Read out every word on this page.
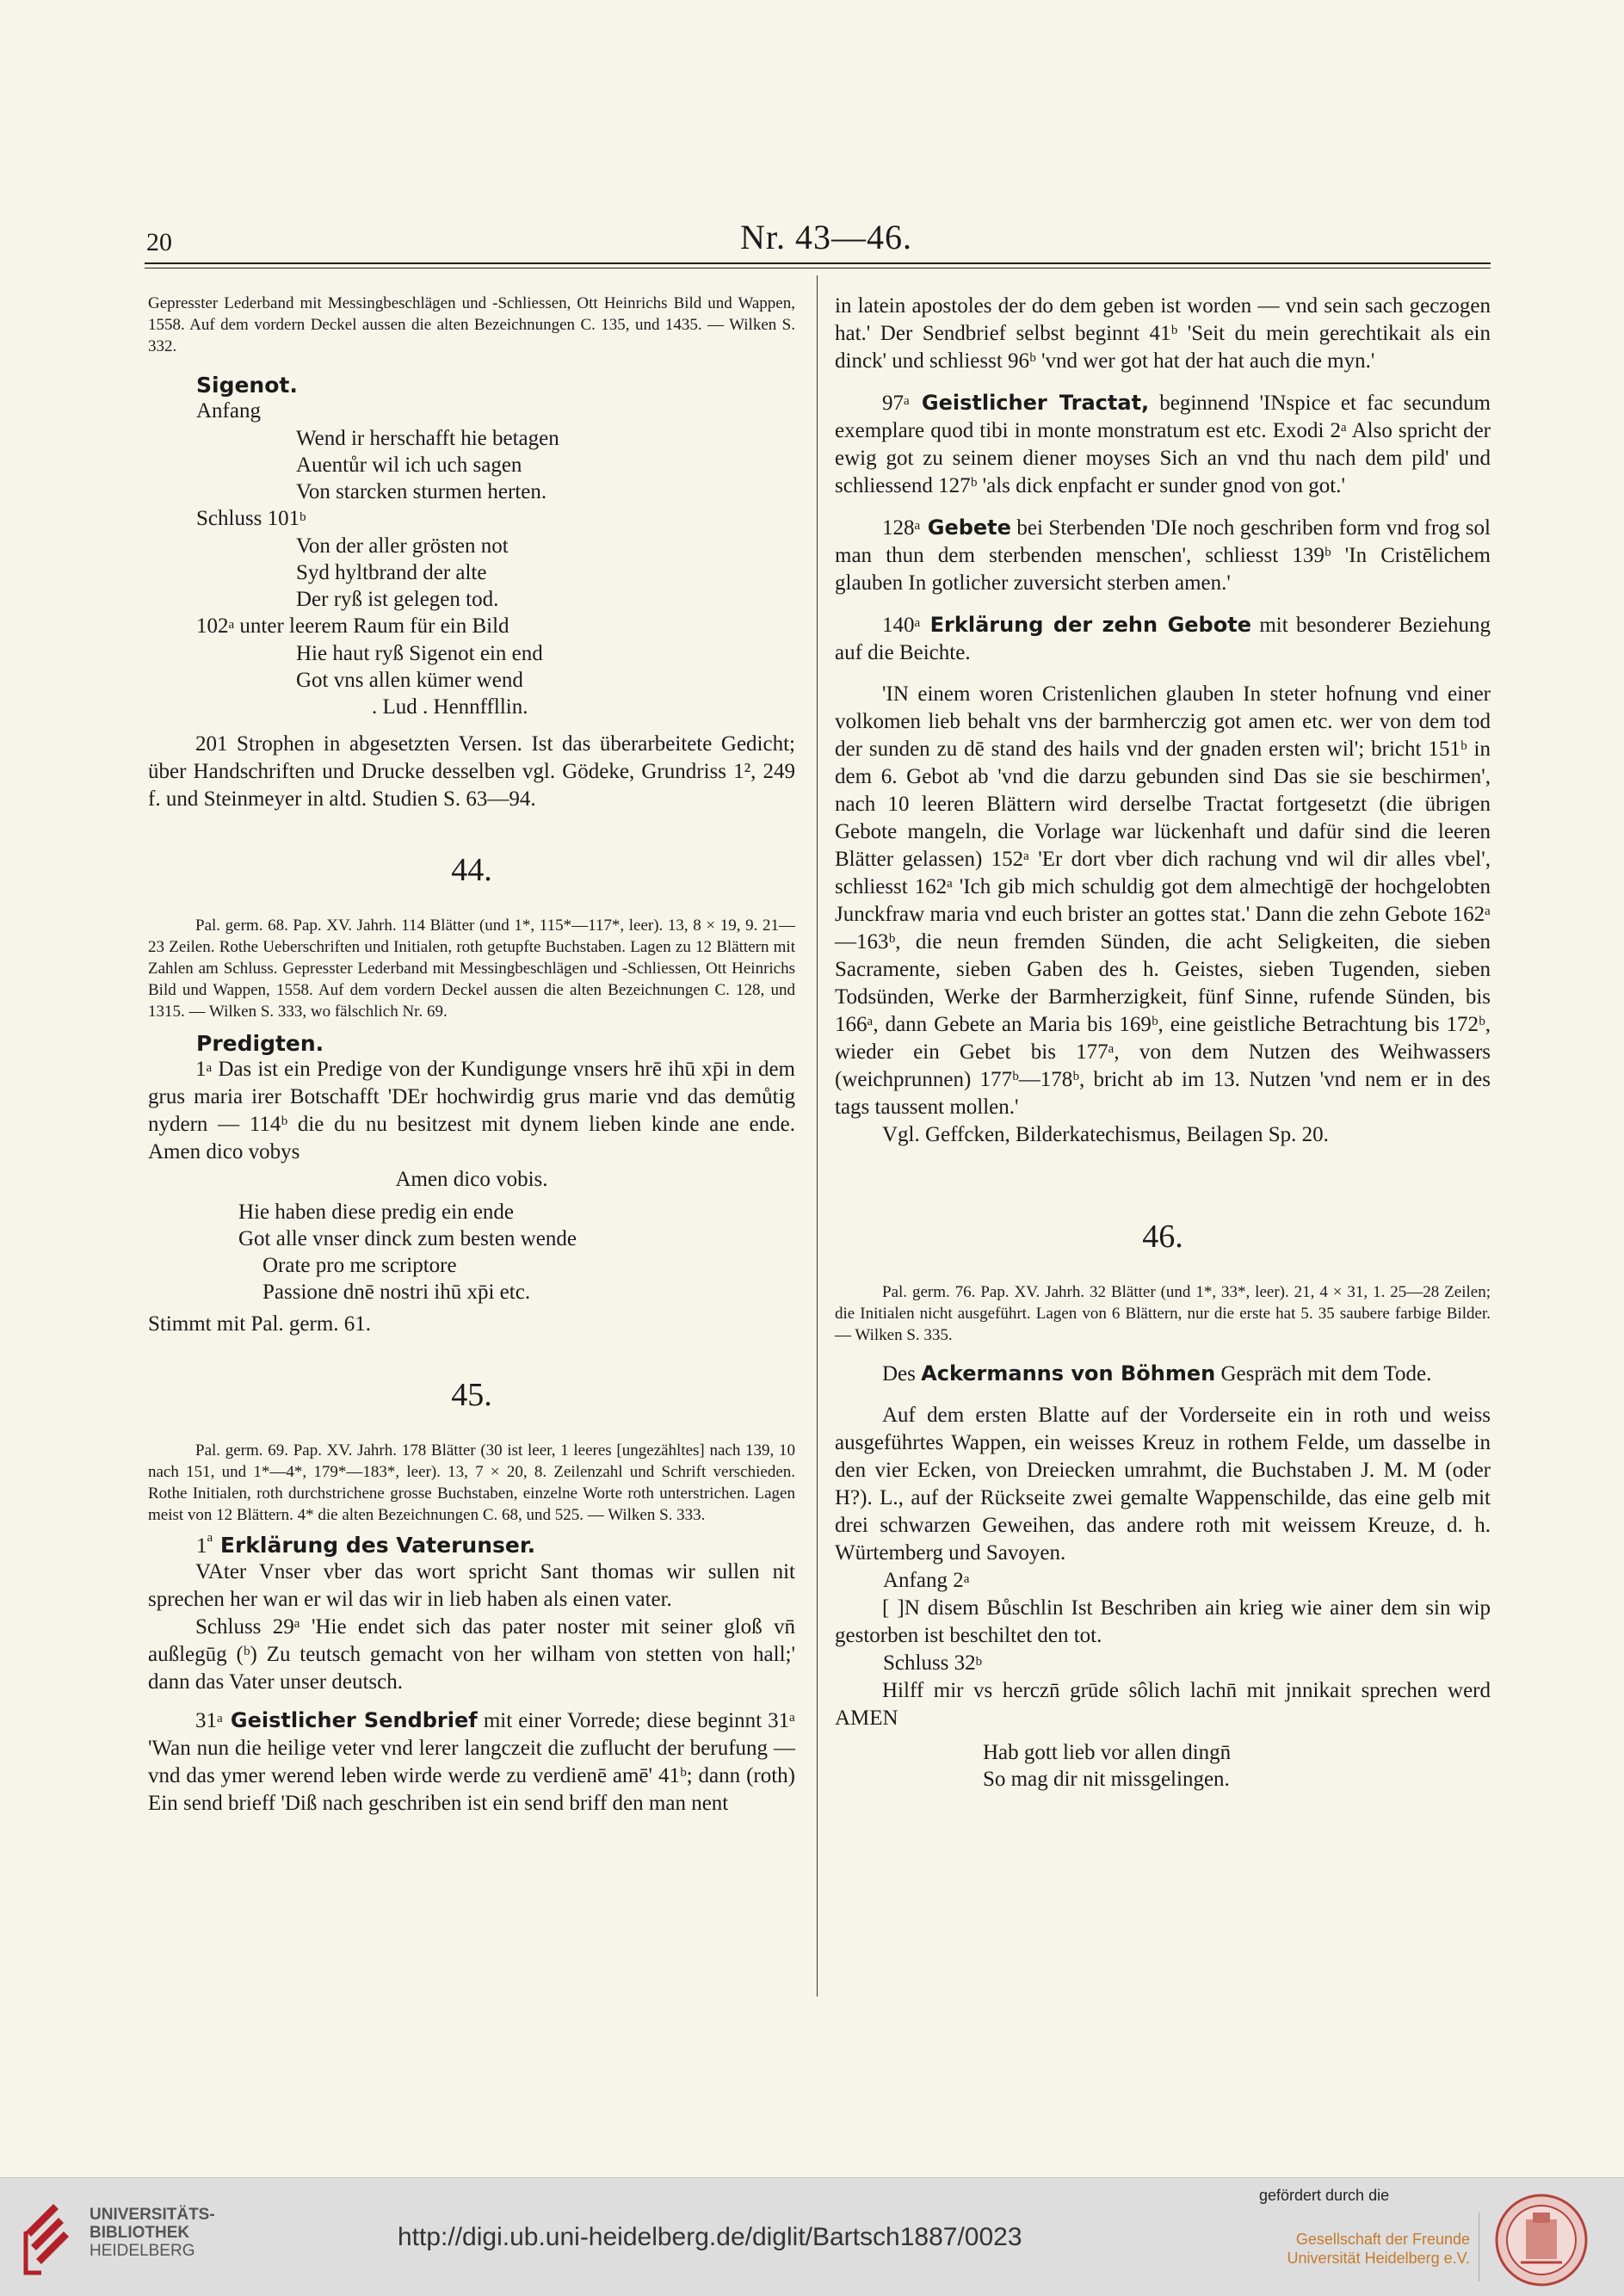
20	Nr. 43—46.

Gepresster Lederband mit Messingbeschlägen und -Schliessen, Ott Heinrichs Bild und Wappen, 1558. Auf dem vordern Deckel aussen die alten Bezeichnungen C. 135, und 1435. — Wilken S. 332.

Sigenot.
Anfang
Wend ir herschafft hie betagen
Auentůr wil ich uch sagen
Von starcken sturmen herten.
Schluss 101$^b$
Von der aller grösten not
Syd hyltbrand der alte
Der ryß ist gelegen tod.
102$^a$ unter leerem Raum für ein Bild
Hie haut ryß Sigenot ein end
Got vns allen kümer wend
. Lud . Hennffllin.

201 Strophen in abgesetzten Versen. Ist das überarbeitete Gedicht; über Handschriften und Drucke desselben vgl. Gödeke, Grundriss 1², 249 f. und Steinmeyer in altd. Studien S. 63—94.

44.

Pal. germ. 68. Pap. XV. Jahrh. 114 Blätter (und 1*, 115*—117*, leer). 13, 8 × 19, 9. 21—23 Zeilen. Rothe Ueberschriften und Initialen, roth getupfte Buchstaben. Lagen zu 12 Blättern mit Zahlen am Schluss. Gepresster Lederband mit Messingbeschlägen und -Schliessen, Ott Heinrichs Bild und Wappen, 1558. Auf dem vordern Deckel aussen die alten Bezeichnungen C. 128, und 1315. — Wilken S. 333, wo fälschlich Nr. 69.

Predigten.

1$^a$ Das ist ein Predige von der Kundigunge vnsers hrē ihū xp̄i in dem grus maria irer Botschafft 'DEr hochwirdig grus marie vnd das demůtig nydern — 114ᵇ die du nu besitzest mit dynem lieben kinde ane ende. Amen dico vobys

Amen dico vobis.
Hie haben diese predig ein ende
Got alle vnser dinck zum besten wende
Orate pro me scriptore
Passione dnē nostri ihū xp̄i etc.

Stimmt mit Pal. germ. 61.

45.

Pal. germ. 69. Pap. XV. Jahrh. 178 Blätter (30 ist leer, 1 leeres [ungezähltes] nach 139, 10 nach 151, und 1*—4*, 179*—183*, leer). 13, 7 × 20, 8. Zeilenzahl und Schrift verschieden. Rothe Initialen, roth durchstrichene grosse Buchstaben, einzelne Worte roth unterstrichen. Lagen meist von 12 Blättern. 4* die alten Bezeichnungen C. 68, und 525. — Wilken S. 333.

1$^a$ Erklärung des Vaterunser.

VAter Vnser vber das wort spricht Sant thomas wir sullen nit sprechen her wan er wil das wir in lieb haben als einen vater.

Schluss 29ᵃ 'Hie endet sich das pater noster mit seiner gloß vn̄ außlegūg (ᵇ) Zu teutsch gemacht von her wilham von stetten von hall;' dann das Vater unser deutsch.

31$^a$ Geistlicher Sendbrief mit einer Vorrede; diese beginnt 31ᵃ 'Wan nun die heilige veter vnd lerer langczeit die zuflucht der berufung — vnd das ymer werend leben wirde werde zu verdienē amē' 41ᵇ; dann (roth) Ein send brieff 'Diß nach geschriben ist ein send briff den man nent

in latein apostoles der do dem geben ist worden — vnd sein sach geczogen hat.' Der Sendbrief selbst beginnt 41ᵇ 'Seit du mein gerechtikait als ein dinck' und schliesst 96ᵇ 'vnd wer got hat der hat auch die myn.'

97$^a$ Geistlicher Tractat, beginnend 'INspice et fac secundum exemplare quod tibi in monte monstratum est etc. Exodi 2ᵃ Also spricht der ewig got zu seinem diener moyses Sich an vnd thu nach dem pild' und schliessend 127ᵇ 'als dick enpfacht er sunder gnod von got.'

128$^a$ Gebete bei Sterbenden 'DIe noch geschriben form vnd frog sol man thun dem sterbenden menschen', schliesst 139ᵇ 'In Cristēlichem glauben In gotlicher zuversicht sterben amen.'

140$^a$ Erklärung der zehn Gebote mit besonderer Beziehung auf die Beichte.

'IN einem woren Cristenlichen glauben In steter hofnung vnd einer volkomen lieb behalt vns der barmherczig got amen etc. wer von dem tod der sunden zu dē stand des hails vnd der gnaden ersten wil'; bricht 151ᵇ in dem 6. Gebot ab 'vnd die darzu gebunden sind Das sie sie beschirmen', nach 10 leeren Blättern wird derselbe Tractat fortgesetzt (die übrigen Gebote mangeln, die Vorlage war lückenhaft und dafür sind die leeren Blätter gelassen) 152ᵃ 'Er dort vber dich rachung vnd wil dir alles vbel', schliesst 162ᵃ 'Ich gib mich schuldig got dem almechtigē der hochgelobten Junckfraw maria vnd euch brister an gottes stat.' Dann die zehn Gebote 162ᵃ—163ᵇ, die neun fremden Sünden, die acht Seligkeiten, die sieben Sacramente, sieben Gaben des h. Geistes, sieben Tugenden, sieben Todsünden, Werke der Barmherzigkeit, fünf Sinne, rufende Sünden, bis 166ᵃ, dann Gebete an Maria bis 169ᵇ, eine geistliche Betrachtung bis 172ᵇ, wieder ein Gebet bis 177ᵃ, von dem Nutzen des Weihwassers (weichprunnen) 177ᵇ—178ᵇ, bricht ab im 13. Nutzen 'vnd nem er in des tags taussent mollen.'

Vgl. Geffcken, Bilderkatechismus, Beilagen Sp. 20.

46.

Pal. germ. 76. Pap. XV. Jahrh. 32 Blätter (und 1*, 33*, leer). 21, 4 × 31, 1. 25—28 Zeilen; die Initialen nicht ausgeführt. Lagen von 6 Blättern, nur die erste hat 5. 35 saubere farbige Bilder. — Wilken S. 335.

Des Ackermanns von Böhmen Gespräch mit dem Tode.

Auf dem ersten Blatte auf der Vorderseite ein in roth und weiss ausgeführtes Wappen, ein weisses Kreuz in rothem Felde, um dasselbe in den vier Ecken, von Dreiecken umrahmt, die Buchstaben J. M. M (oder H?). L., auf der Rückseite zwei gemalte Wappenschilde, das eine gelb mit drei schwarzen Geweihen, das andere roth mit weissem Kreuze, d. h. Würtemberg und Savoyen.

Anfang 2$^a$

[ ]N disem Bůschlin Ist Beschriben ain krieg wie ainer dem sin wip gestorben ist beschiltet den tot.

Schluss 32$^b$

Hilff mir vs herczn̄ grūde sôlich lachn̄ mit jnnikait sprechen werd AMEN

Hab gott lieb vor allen dingn̄
So mag dir nit missgelingen.
UNIVERSITÄTS-
BIBLIOTHEK
HEIDELBERG	http://digi.ub.uni-heidelberg.de/diglit/Bartsch1887/0023
gefördert durch die
Gesellschaft der Freunde
Universität Heidelberg e.V.
